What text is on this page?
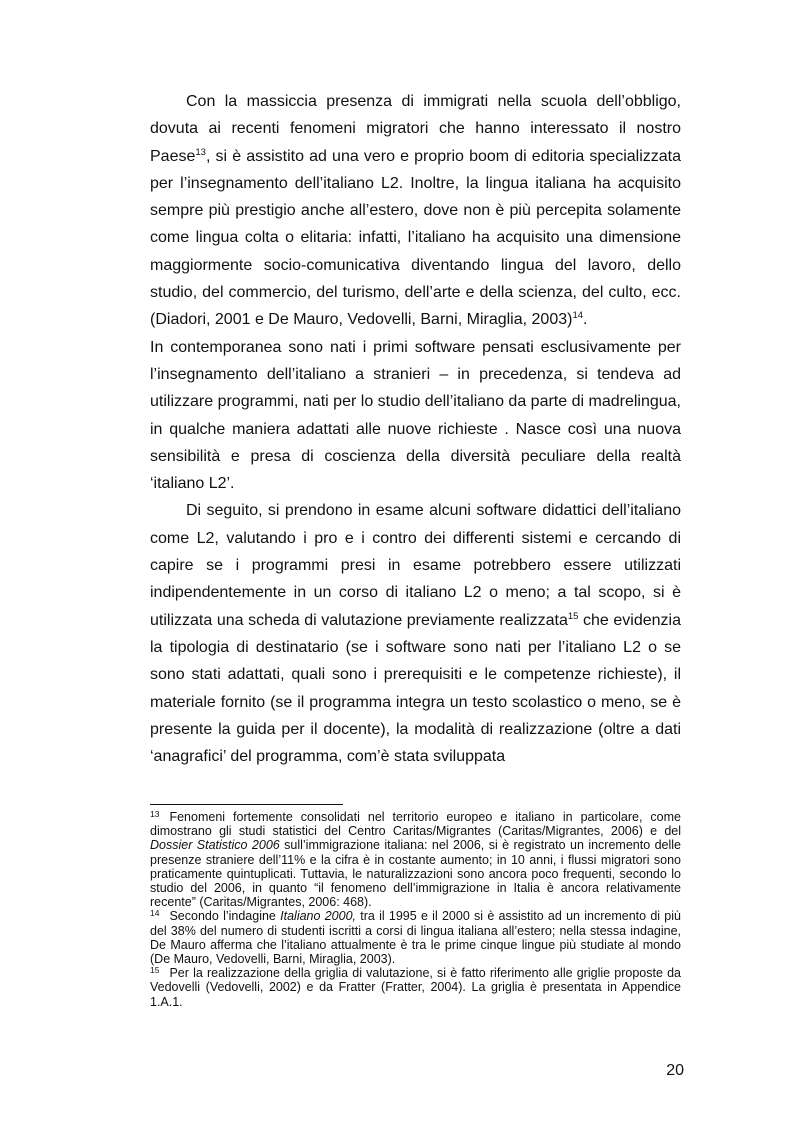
Con la massiccia presenza di immigrati nella scuola dell’obbligo, dovuta ai recenti fenomeni migratori che hanno interessato il nostro Paese$^{13}$, si è assistito ad una vero e proprio boom di editoria specializzata per l’insegnamento dell’italiano L2. Inoltre, la lingua italiana ha acquisito sempre più prestigio anche all’estero, dove non è più percepita solamente come lingua colta o elitaria: infatti, l’italiano ha acquisito una dimensione maggiormente socio-comunicativa diventando lingua del lavoro, dello studio, del commercio, del turismo, dell’arte e della scienza, del culto, ecc. (Diadori, 2001 e De Mauro, Vedovelli, Barni, Miraglia, 2003)$^{14}$.

In contemporanea sono nati i primi software pensati esclusivamente per l’insegnamento dell’italiano a stranieri – in precedenza, si tendeva ad utilizzare programmi, nati per lo studio dell’italiano da parte di madrelingua, in qualche maniera adattati alle nuove richieste . Nasce così una nuova sensibilità e presa di coscienza della diversità peculiare della realtà ‘italiano L2’.

Di seguito, si prendono in esame alcuni software didattici dell’italiano come L2, valutando i pro e i contro dei differenti sistemi e cercando di capire se i programmi presi in esame potrebbero essere utilizzati indipendentemente in un corso di italiano L2 o meno; a tal scopo, si è utilizzata una scheda di valutazione previamente realizzata$^{15}$ che evidenzia la tipologia di destinatario (se i software sono nati per l’italiano L2 o se sono stati adattati, quali sono i prerequisiti e le competenze richieste), il materiale fornito (se il programma integra un testo scolastico o meno, se è presente la guida per il docente), la modalità di realizzazione (oltre a dati ‘anagrafici’ del programma, com’è stata sviluppata

$^{13}$ Fenomeni fortemente consolidati nel territorio europeo e italiano in particolare, come dimostrano gli studi statistici del Centro Caritas/Migrantes (Caritas/Migrantes, 2006) e del Dossier Statistico 2006 sull’immigrazione italiana: nel 2006, si è registrato un incremento delle presenze straniere dell’11% e la cifra è in costante aumento; in 10 anni, i flussi migratori sono praticamente quintuplicati. Tuttavia, le naturalizzazioni sono ancora poco frequenti, secondo lo studio del 2006, in quanto “il fenomeno dell’immigrazione in Italia è ancora relativamente recente” (Caritas/Migrantes, 2006: 468).

$^{14}$ Secondo l’indagine Italiano 2000, tra il 1995 e il 2000 si è assistito ad un incremento di più del 38% del numero di studenti iscritti a corsi di lingua italiana all’estero; nella stessa indagine, De Mauro afferma che l’italiano attualmente è tra le prime cinque lingue più studiate al mondo (De Mauro, Vedovelli, Barni, Miraglia, 2003).

$^{15}$ Per la realizzazione della griglia di valutazione, si è fatto riferimento alle griglie proposte da Vedovelli (Vedovelli, 2002) e da Fratter (Fratter, 2004). La griglia è presentata in Appendice 1.A.1.

20
